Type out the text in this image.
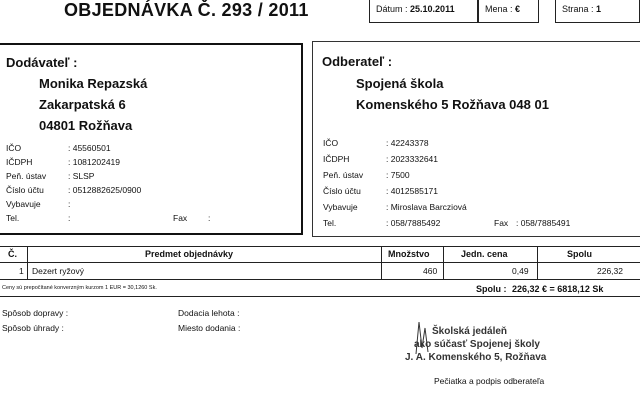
OBJEDNÁVKA Č. 293 / 2011	Dátum : 25.10.2011	Mena : €	Strana : 1
Dodávateľ :
Monika Repazská
Zakarpatská 6
04801 Rožňava
IČO	: 45560501
IČDPH	: 1081202419
Peň. ústav	: SLSP
Číslo účtu	: 0512882625/0900
Vybavuje	:
Tel.	:	Fax :
Odberateľ :
Spojená škola
Komenského 5 Rožňava 048 01
IČO	: 42243378
IČDPH	: 2023332641
Peň. ústav	: 7500
Číslo účtu	: 4012585171
Vybavuje	: Miroslava Barcziová
Tel.	: 058/7885492	Fax : 058/7885491
Č.	Predmet objednávky	Množstvo	Jedn. cena	Spolu
1 Dezert ryžový	460	0,49	226,32
Ceny sú prepočítané konverzným kurzom 1 EUR = 30,1260 Sk.	Spolu : 226,32 € = 6818,12 Sk
Spôsob dopravy :
Spôsob úhrady :
Dodacia lehota :
Miesto dodania :	Školská jedáleň
ako súčasť Spojenej školy
J. A. Komenského 5, Rožňava
Pečiatka a podpis odberateľa
